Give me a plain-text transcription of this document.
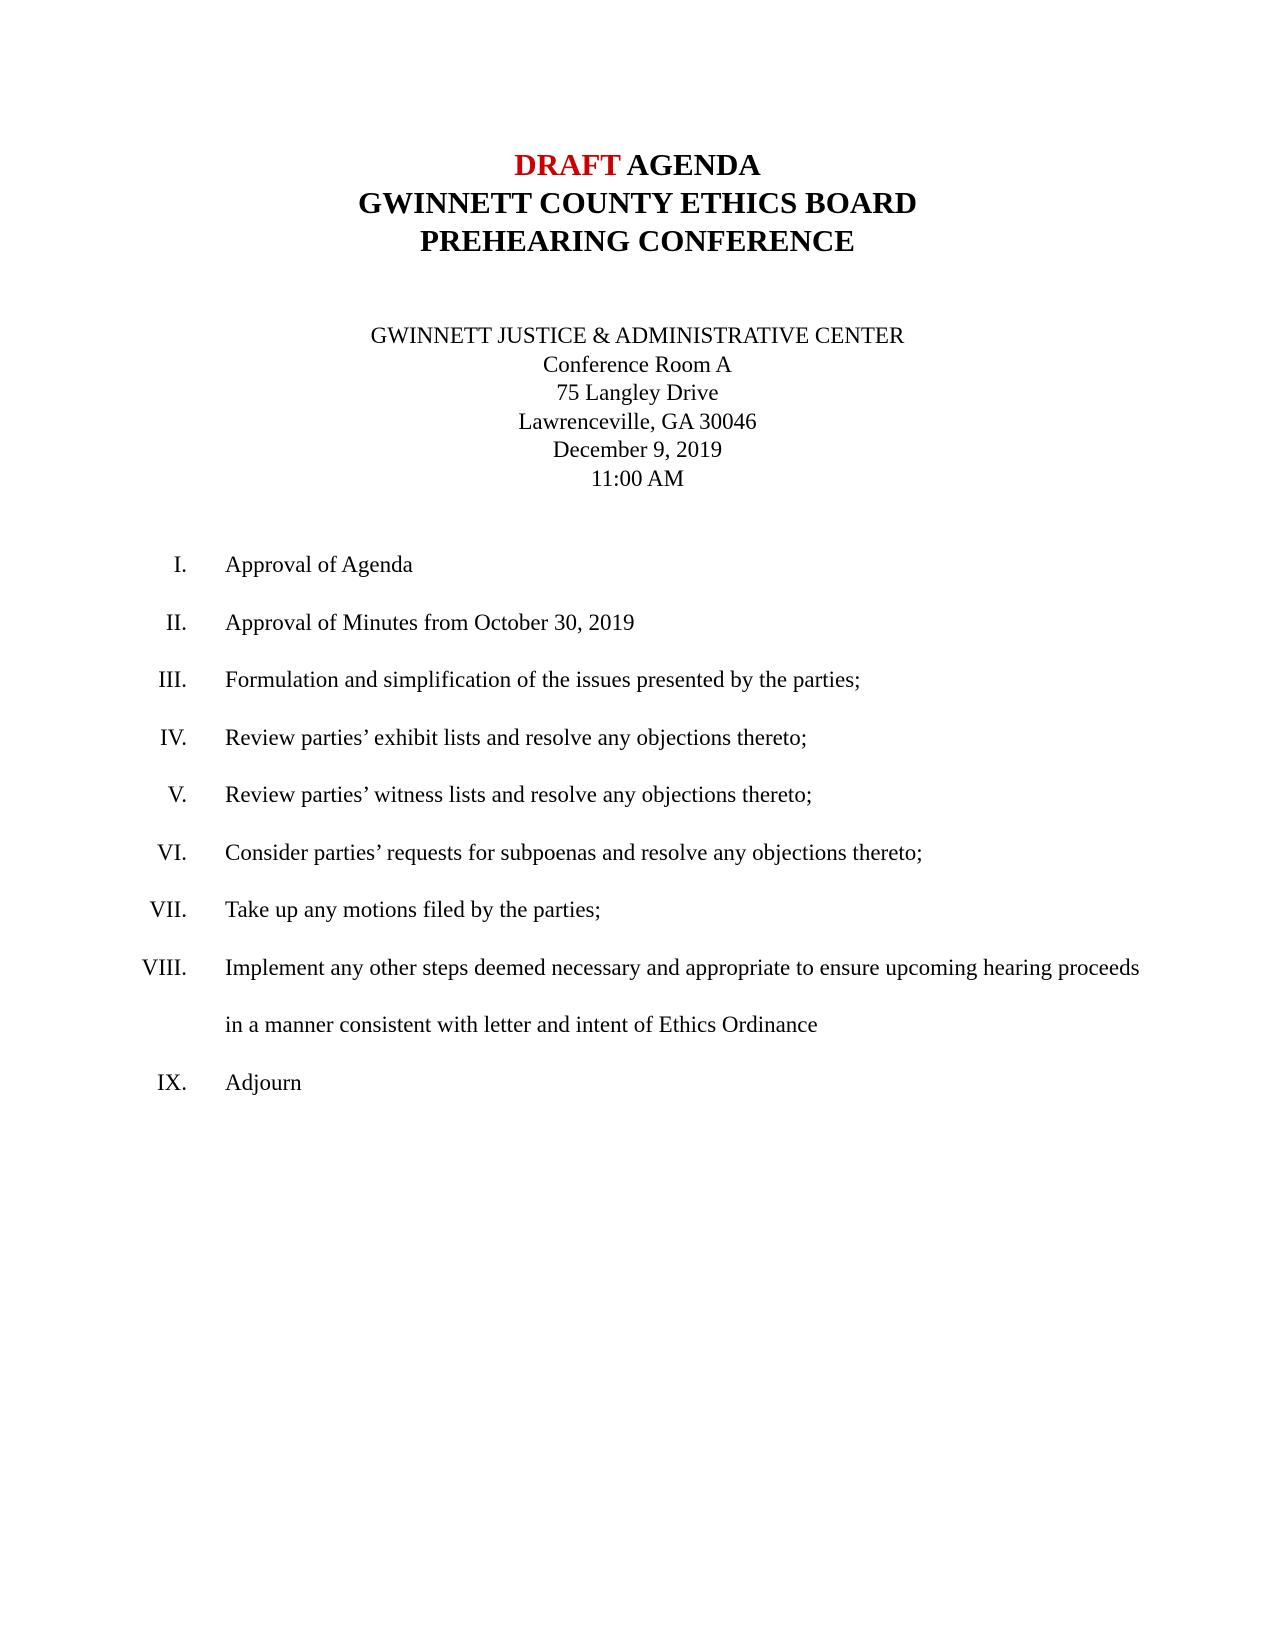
DRAFT AGENDA
GWINNETT COUNTY ETHICS BOARD
PREHEARING CONFERENCE
GWINNETT JUSTICE & ADMINISTRATIVE CENTER
Conference Room A
75 Langley Drive
Lawrenceville, GA 30046
December 9, 2019
11:00 AM
I. Approval of Agenda
II. Approval of Minutes from October 30, 2019
III. Formulation and simplification of the issues presented by the parties;
IV. Review parties’ exhibit lists and resolve any objections thereto;
V. Review parties’ witness lists and resolve any objections thereto;
VI. Consider parties’ requests for subpoenas and resolve any objections thereto;
VII. Take up any motions filed by the parties;
VIII. Implement any other steps deemed necessary and appropriate to ensure upcoming hearing proceeds in a manner consistent with letter and intent of Ethics Ordinance
IX. Adjourn
